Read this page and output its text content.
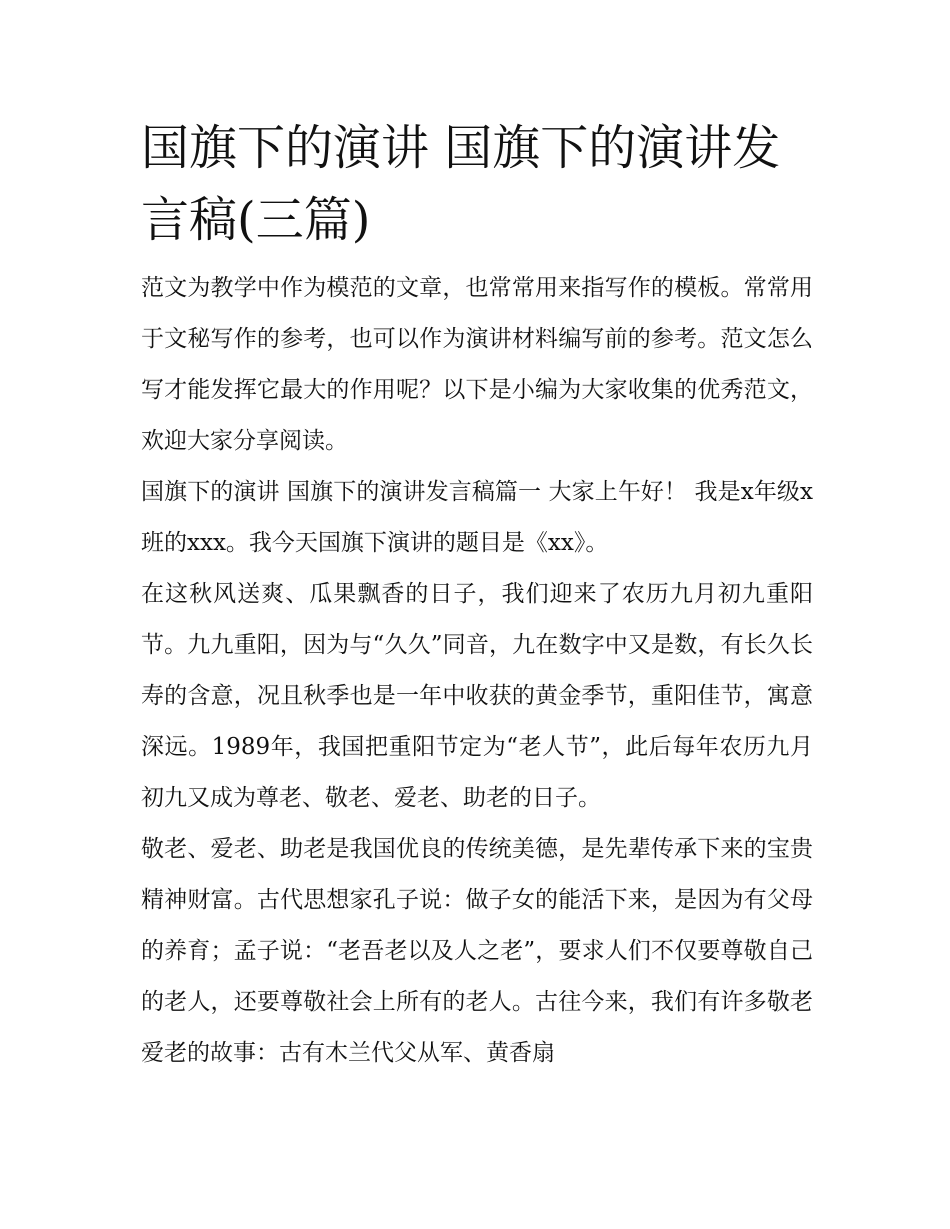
国旗下的演讲 国旗下的演讲发言稿(三篇)

范文为教学中作为模范的文章，也常常用来指写作的模板。常常用于文秘写作的参考，也可以作为演讲材料编写前的参考。范文怎么写才能发挥它最大的作用呢？以下是小编为大家收集的优秀范文，欢迎大家分享阅读。

国旗下的演讲 国旗下的演讲发言稿篇一 大家上午好！ 我是x年级x班的xxx。我今天国旗下演讲的题目是《xx》。

在这秋风送爽、瓜果飘香的日子，我们迎来了农历九月初九重阳节。九九重阳，因为与“久久”同音，九在数字中又是数，有长久长寿的含意，况且秋季也是一年中收获的黄金季节，重阳佳节，寓意深远。1989年，我国把重阳节定为“老人节”，此后每年农历九月初九又成为尊老、敬老、爱老、助老的日子。

敬老、爱老、助老是我国优良的传统美德，是先辈传承下来的宝贵精神财富。古代思想家孔子说：做子女的能活下来，是因为有父母的养育；孟子说：“老吾老以及人之老”，要求人们不仅要尊敬自己的老人，还要尊敬社会上所有的老人。古往今来，我们有许多敬老爱老的故事：古有木兰代父从军、黄香扇
